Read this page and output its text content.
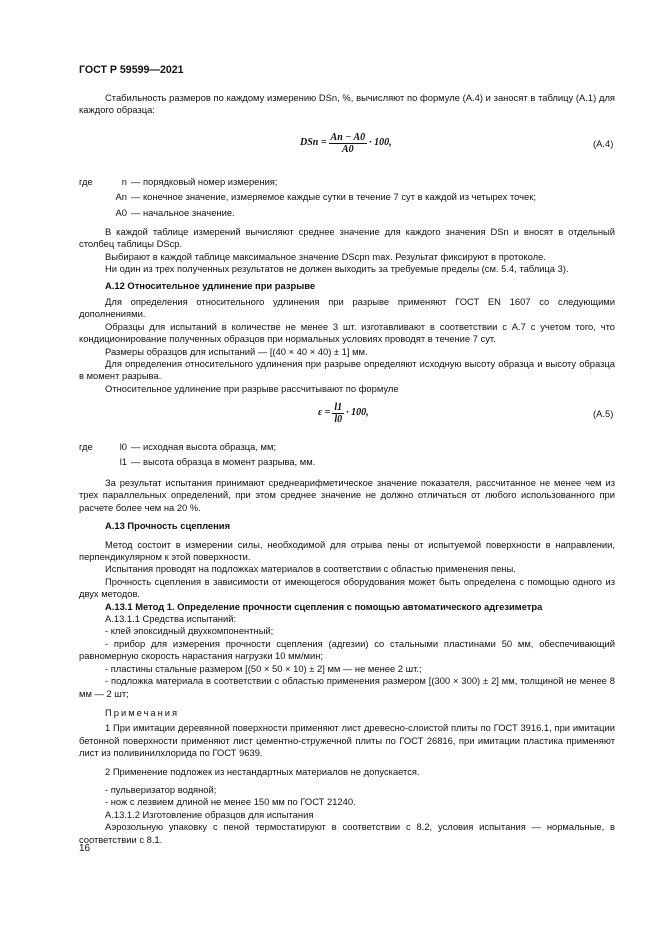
ГОСТ Р 59599—2021

Стабильность размеров по каждому измерению DSn, %, вычисляют по формуле (А.4) и заносят в таблицу (А.1) для каждого образца:

DSn = $\frac{An - A0}{A0} \cdot 100$,	(А.4)
где	n — порядковый номер измерения;
An — конечное значение, измеряемое каждые сутки в течение 7 сут в каждой из четырех точек;
A0 — начальное значение.

В каждой таблице измерений вычисляют среднее значение для каждого значения DSn и вносят в отдельный столбец таблицы DSср.

Выбирают в каждой таблице максимальное значение DSсрn max. Результат фиксируют в протоколе.

Ни один из трех полученных результатов не должен выходить за требуемые пределы (см. 5.4, таблица 3).

А.12 Относительное удлинение при разрыве

Для определения относительного удлинения при разрыве применяют ГОСТ EN 1607 со следующими дополнениями.

Образцы для испытаний в количестве не менее 3 шт. изготавливают в соответствии с А.7 с учетом того, что кондиционирование полученных образцов при нормальных условиях проводят в течение 7 сут.

Размеры образцов для испытаний — [(40 × 40 × 40) ± 1] мм.

Для определения относительного удлинения при разрыве определяют исходную высоту образца и высоту образца в момент разрыва.

Относительное удлинение при разрыве рассчитывают по формуле

$\varepsilon = \frac{l1}{l0} \cdot 100$,	(А.5)
где	l0 — исходная высота образца, мм;
l1 — высота образца в момент разрыва, мм.

За результат испытания принимают среднеарифметическое значение показателя, рассчитанное не менее чем из трех параллельных определений, при этом среднее значение не должно отличаться от любого использованного при расчете более чем на 20 %.

А.13 Прочность сцепления

Метод состоит в измерении силы, необходимой для отрыва пены от испытуемой поверхности в направлении, перпендикулярном к этой поверхности.

Испытания проводят на подложках материалов в соответствии с областью применения пены.

Прочность сцепления в зависимости от имеющегося оборудования может быть определена с помощью одного из двух методов.

А.13.1 Метод 1. Определение прочности сцепления с помощью автоматического адгезиметра

А.13.1.1 Средства испытаний:

- клей эпоксидный двухкомпонентный;

- прибор для измерения прочности сцепления (адгезии) со стальными пластинами 50 мм, обеспечивающий равномерную скорость нарастания нагрузки 10 мм/мин;

- пластины стальные размером [(50 × 50 × 10) ± 2] мм — не менее 2 шт.;

- подложка материала в соответствии с областью применения размером [(300 × 300) ± 2] мм, толщиной не менее 8 мм — 2 шт;

Примечания

1 При имитации деревянной поверхности применяют лист древесно-слоистой плиты по ГОСТ 3916.1, при имитации бетонной поверхности применяют лист цементно-стружечной плиты по ГОСТ 26816, при имитации пластика применяют лист из поливинилхлорида по ГОСТ 9639.

2 Применение подложек из нестандартных материалов не допускается.

- пульверизатор водяной;

- нож с лезвием длиной не менее 150 мм по ГОСТ 21240.

А.13.1.2 Изготовление образцов для испытания

Аэрозольную упаковку с пеной термостатируют в соответствии с 8.2, условия испытания — нормальные, в соответствии с 8.1.

16
